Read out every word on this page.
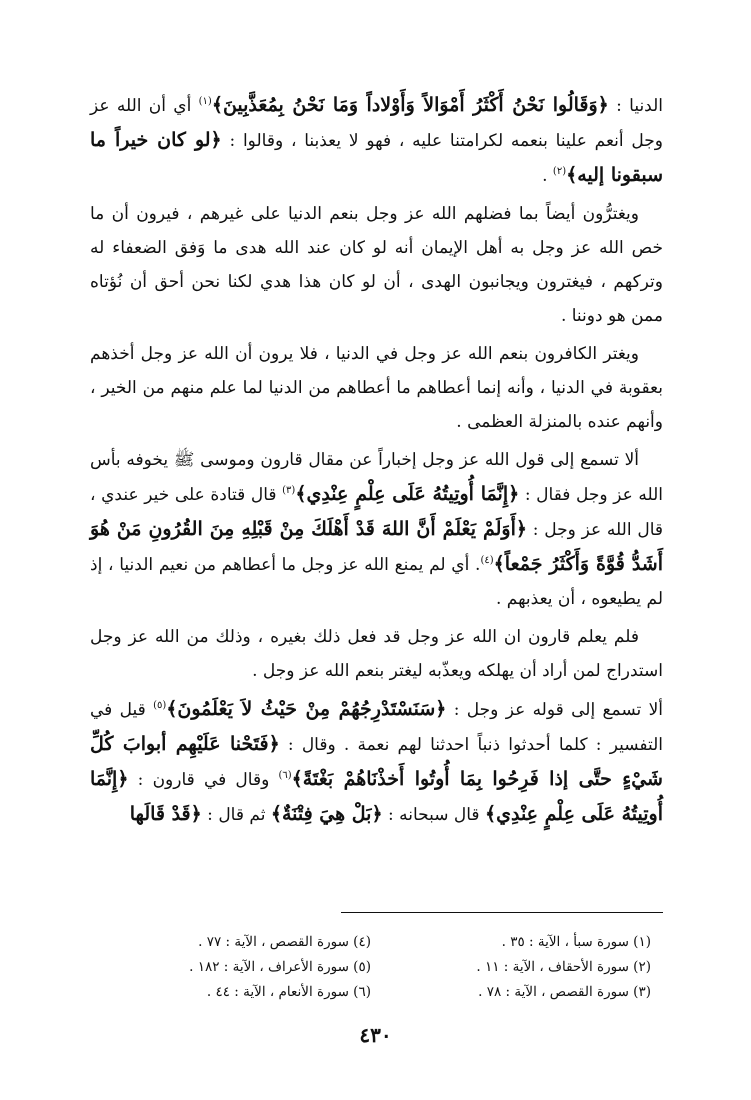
الدنيا : ﴿وَقَالُوا نَحْنُ أَكْثَرُ أَمْوَالاً وَأَوْلاداً وَمَا نَحْنُ بِمُعَذَّبِينَ﴾$^{(١)}$ أي أن الله عز وجل أنعم علينا بنعمه لكرامتنا عليه ، فهو لا يعذبنا ، وقالوا : ﴿لو كان خيراً ما سبقونا إليه﴾$^{(٢)}$ .

ويغترُّون أيضاً بما فضلهم الله عز وجل بنعم الدنيا على غيرهم ، فيرون أن ما خص الله عز وجل به أهل الإيمان أنه لو كان عند الله هدى ما وَفق الضعفاء له وتركهم ، فيغترون ويجانبون الهدى ، أن لو كان هذا هدي لكنا نحن أحق أن نُؤتاه ممن هو دوننا .

ويغتر الكافرون بنعم الله عز وجل في الدنيا ، فلا يرون أن الله عز وجل أخذهم بعقوبة في الدنيا ، وأنه إنما أعطاهم ما أعطاهم من الدنيا لما علم منهم من الخير ، وأنهم عنده بالمنزلة العظمى .

ألا تسمع إلى قول الله عز وجل إخباراً عن مقال قارون وموسى ﷺ يخوفه بأس الله عز وجل فقال : ﴿إِنَّمَا أُوتِيتُهُ عَلَى عِلْمٍ عِنْدِي﴾$^{(٣)}$ قال قتادة على خير عندي ، قال الله عز وجل : ﴿أَوَلَمْ يَعْلَمْ أَنَّ اللهَ قَدْ أَهْلَكَ مِنْ قَبْلِهِ مِنَ القُرُونِ مَنْ هُوَ أَشَدُّ قُوَّةً وَأَكْثَرُ جَمْعاً﴾$^{(٤)}$. أي لم يمنع الله عز وجل ما أعطاهم من نعيم الدنيا ، إذ لم يطيعوه ، أن يعذبهم .

فلم يعلم قارون ان الله عز وجل قد فعل ذلك بغيره ، وذلك من الله عز وجل استدراج لمن أراد أن يهلكه ويعذّبه ليغتر بنعم الله عز وجل .

ألا تسمع إلى قوله عز وجل : ﴿سَنَسْتَدْرِجُهُمْ مِنْ حَيْثُ لاَ يَعْلَمُونَ﴾$^{(٥)}$ قيل في التفسير : كلما أحدثوا ذنباً احدثنا لهم نعمة . وقال : ﴿فَتَحْنا عَلَيْهِم أبوابَ كُلِّ شَيْءٍ حتَّى إذا فَرِحُوا بِمَا أُوتُوا أَخذْنَاهُمْ بَغْتَةً﴾$^{(٦)}$ وقال في قارون : ﴿إِنَّمَا أُوتِيتُهُ عَلَى عِلْمٍ عِنْدِي﴾ قال سبحانه : ﴿بَلْ هِيَ فِتْنَةٌ﴾ ثم قال : ﴿قَدْ قَالَها

(١) سورة سبأ ، الآية : ٣٥ .
(٢) سورة الأحقاف ، الآية : ١١ .
(٣) سورة القصص ، الآية : ٧٨ .
(٤) سورة القصص ، الآية : ٧٧ .
(٥) سورة الأعراف ، الآية : ١٨٢ .
(٦) سورة الأنعام ، الآية : ٤٤ .
٤٣٠
